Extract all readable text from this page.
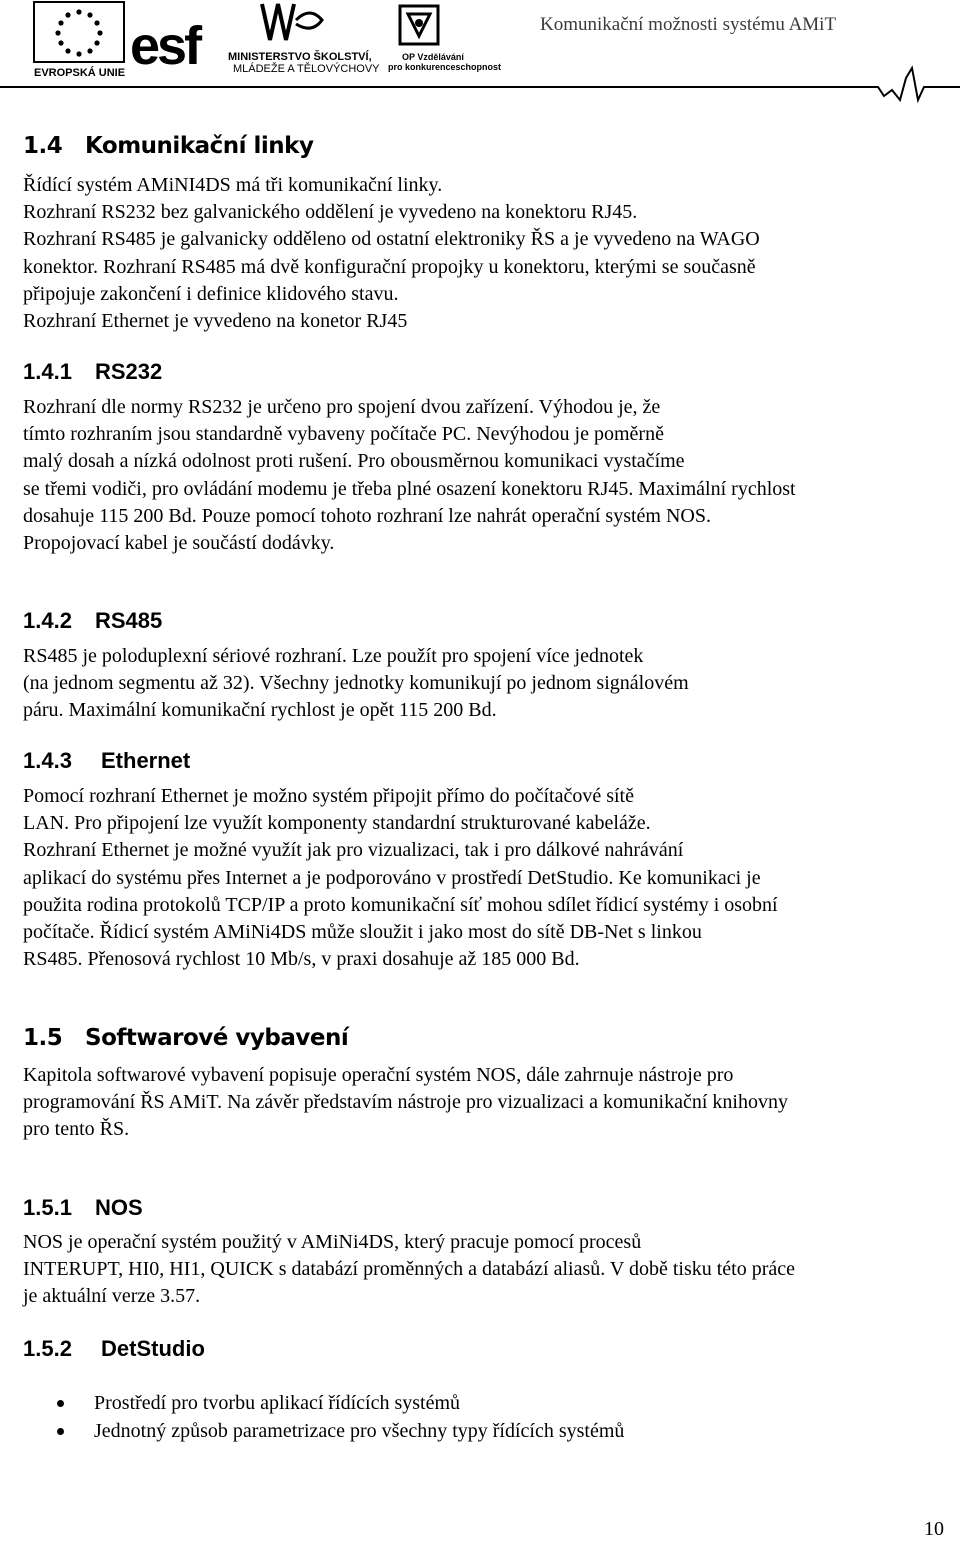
EVROPSKÁ UNIE esf	MINISTERSTVO ŠKOLSTVÍ,
MLÁDEŽE A TĚLOVÝCHOVY
OP Vzdělávání
pro konkurenceschopnost
Komunikační možnosti systému AMiT
1.4 Komunikační linky
Řídící systém AMiNI4DS má tři komunikační linky.
Rozhraní RS232 bez galvanického oddělení je vyvedeno na konektoru RJ45.
Rozhraní RS485 je galvanicky odděleno od ostatní elektroniky ŘS a je vyvedeno na WAGO
konektor. Rozhraní RS485 má dvě konfigurační propojky u konektoru, kterými se současně
připojuje zakončení i definice klidového stavu.
Rozhraní Ethernet je vyvedeno na konetor RJ45
1.4.1 RS232
Rozhraní dle normy RS232 je určeno pro spojení dvou zařízení. Výhodou je, že
tímto rozhraním jsou standardně vybaveny počítače PC. Nevýhodou je poměrně
malý dosah a nízká odolnost proti rušení. Pro obousměrnou komunikaci vystačíme
se třemi vodiči, pro ovládání modemu je třeba plné osazení konektoru RJ45. Maximální rychlost
dosahuje 115 200 Bd. Pouze pomocí tohoto rozhraní lze nahrát operační systém NOS.
Propojovací kabel je součástí dodávky.
1.4.2 RS485
RS485 je poloduplexní sériové rozhraní. Lze použít pro spojení více jednotek
(na jednom segmentu až 32). Všechny jednotky komunikují po jednom signálovém
páru. Maximální komunikační rychlost je opět 115 200 Bd.
1.4.3 Ethernet
Pomocí rozhraní Ethernet je možno systém připojit přímo do počítačové sítě
LAN. Pro připojení lze využít komponenty standardní strukturované kabeláže.
Rozhraní Ethernet je možné využít jak pro vizualizaci, tak i pro dálkové nahrávání
aplikací do systému přes Internet a je podporováno v prostředí DetStudio. Ke komunikaci je
použita rodina protokolů TCP/IP a proto komunikační síť mohou sdílet řídicí systémy i osobní
počítače. Řídicí systém AMiNi4DS může sloužit i jako most do sítě DB-Net s linkou
RS485. Přenosová rychlost 10 Mb/s, v praxi dosahuje až 185 000 Bd.
1.5 Softwarové vybavení
Kapitola softwarové vybavení popisuje operační systém NOS, dále zahrnuje nástroje pro
programování ŘS AMiT. Na závěr představím nástroje pro vizualizaci a komunikační knihovny
pro tento ŘS.
1.5.1 NOS
NOS je operační systém použitý v AMiNi4DS, který pracuje pomocí procesů
INTERUPT, HI0, HI1, QUICK s databází proměnných a databází aliasů. V době tisku této práce
je aktuální verze 3.57.
1.5.2 DetStudio
Prostředí pro tvorbu aplikací řídících systémů
Jednotný způsob parametrizace pro všechny typy řídících systémů
10
